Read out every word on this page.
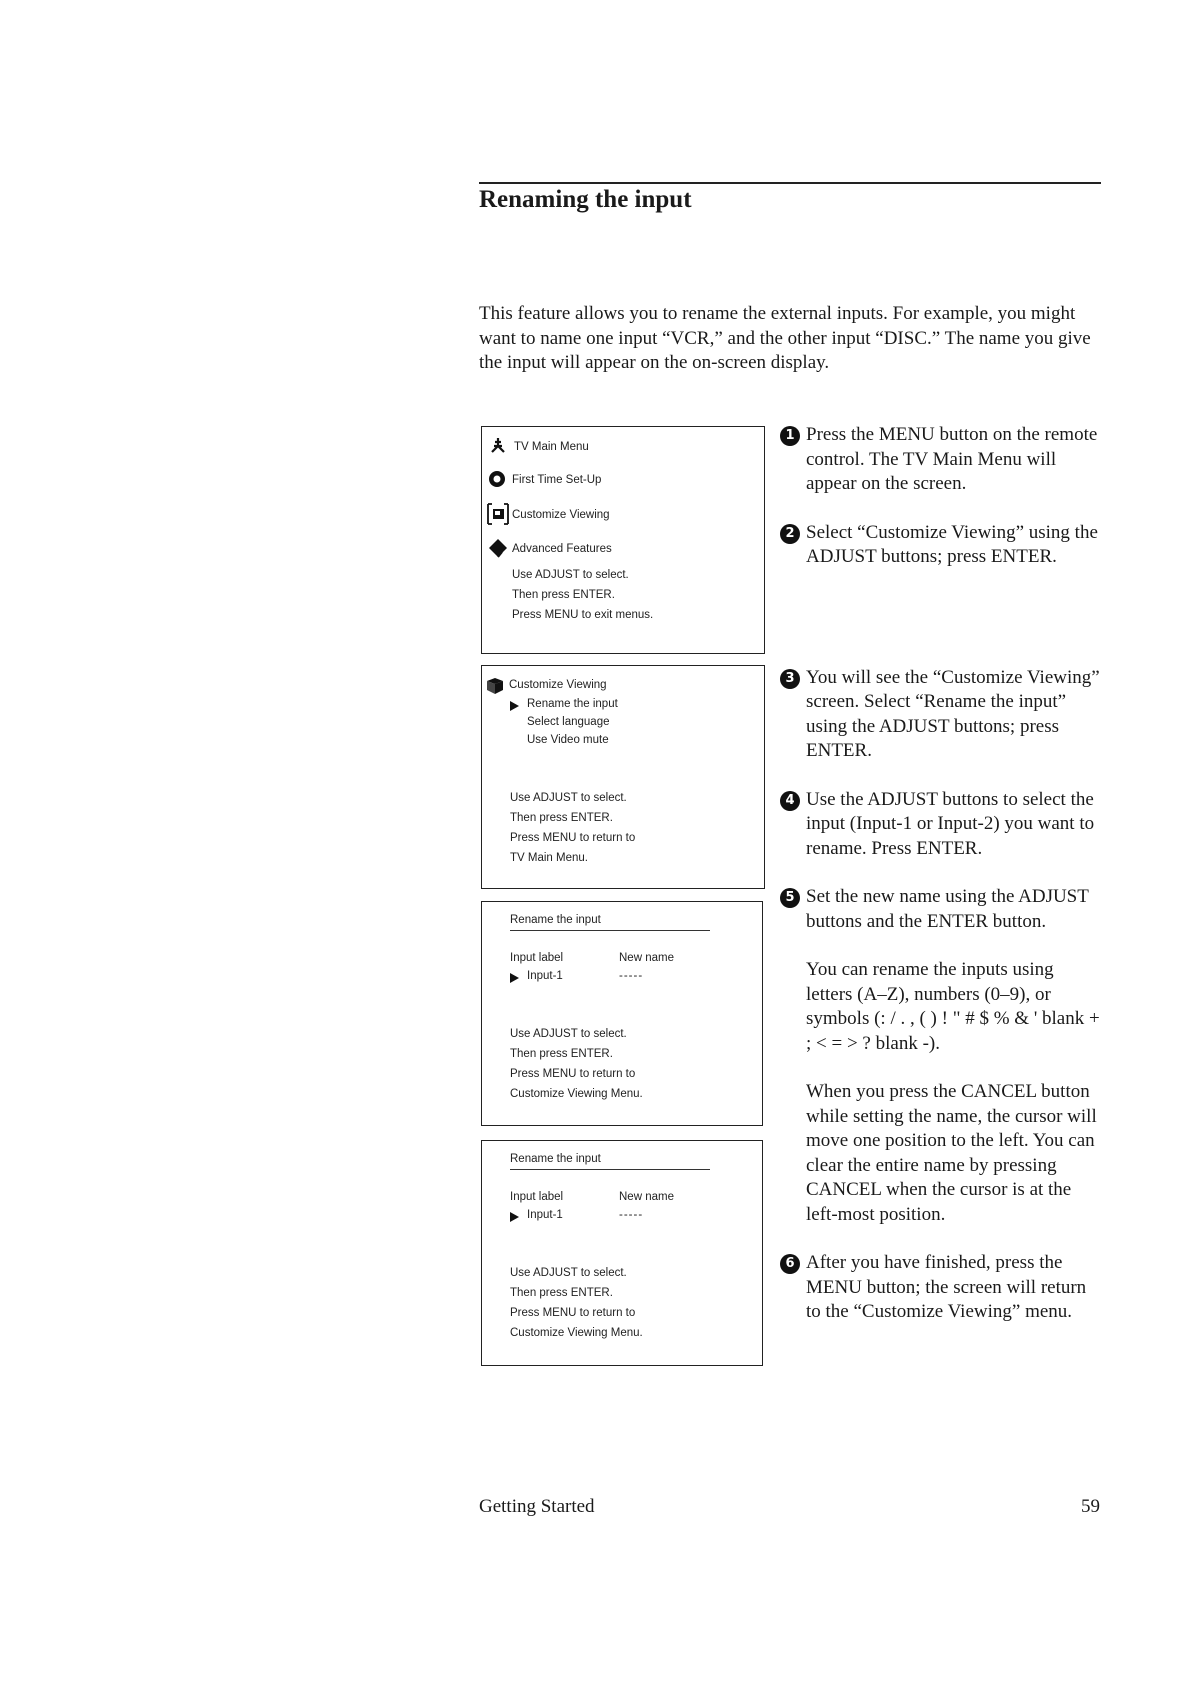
Renaming the input

This feature allows you to rename the external inputs. For example, you might want to name one input “VCR,” and the other input “DISC.” The name you give the input will appear on the on-screen display.

TV Main Menu
First Time Set-Up
Customize Viewing
Advanced Features
Use ADJUST to select.
Then press ENTER.
Press MENU to exit menus.
Customize Viewing
Rename the input
Select language
Use Video mute
Use ADJUST to select.
Then press ENTER.
Press MENU to return to
TV Main Menu.
Rename the input
Input label	New name
Input-1	-----
Use ADJUST to select.
Then press ENTER.
Press MENU to return to
Customize Viewing Menu.
Rename the input
Input label	New name
Input-1	-----
Use ADJUST to select.
Then press ENTER.
Press MENU to return to
Customize Viewing Menu.

1 Press the MENU button on the remote control. The TV Main Menu will appear on the screen.

2 Select “Customize Viewing” using the ADJUST buttons; press ENTER.

3 You will see the “Customize Viewing” screen. Select “Rename the input” using the ADJUST buttons; press ENTER.

4 Use the ADJUST buttons to select the input (Input-1 or Input-2) you want to rename. Press ENTER.

5 Set the new name using the ADJUST buttons and the ENTER button.

You can rename the inputs using letters (A–Z), numbers (0–9), or symbols (: / . , ( ) ! " # $ % & ' blank + ; < = > ? blank -).

When you press the CANCEL button while setting the name, the cursor will move one position to the left. You can clear the entire name by pressing CANCEL when the cursor is at the left-most position.

6 After you have finished, press the MENU button; the screen will return to the “Customize Viewing” menu.

Getting Started	59
